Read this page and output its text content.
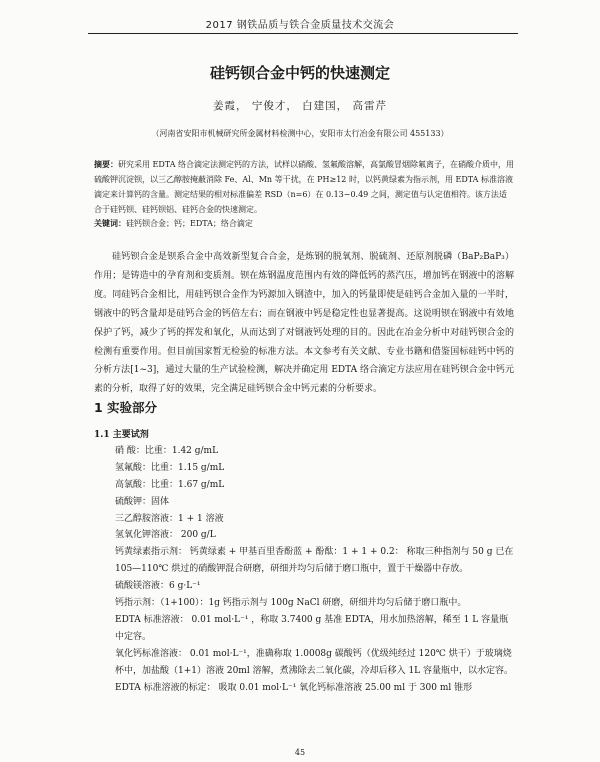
2017 钢铁品质与铁合金质量技术交流会
硅钙钡合金中钙的快速测定
姜霞， 宁俊才， 白建国， 高雷芹
（河南省安阳市机械研究所金属材料检测中心，安阳市太行冶金有限公司 455133）
摘要：研究采用 EDTA 络合滴定法测定钙的方法，试样以硝酸、氢氟酸溶解，高氯酸冒烟除氟离子，在硝酸介质中，用硫酸钾沉淀钡，以三乙醇胺掩蔽消除 Fe、Al、Mn 等干扰，在 PH≥12 时，以钙黄绿素为指示剂，用 EDTA 标准溶液滴定来计算钙的含量。测定结果的相对标准偏差 RSD（n=6）在 0.13~0.49 之间，测定值与认定值相符。该方法适合于硅钙钡、硅钙钡铝、硅钙合金的快速测定。
关键词：硅钙钡合金；钙；EDTA；络合滴定
硅钙钡合金是钡系合金中高效新型复合合金，是炼钢的脱氧剂、脱硫剂、还原剂脱磷（BaP₂BaP₃）作用；是铸造中的孕育剂和变质剂。钡在炼钢温度范围内有效的降低钙的蒸汽压，增加钙在钢液中的溶解度。同硅钙合金相比，用硅钙钡合金作为钙源加入钢渣中，加入的钙量即使是硅钙合金加入量的一半时，钢液中的钙含量却是硅钙合金的钙倍左右；而在钢液中钙是稳定性也显著提高。这说明钡在钢液中有效地保护了钙，减少了钙的挥发和氧化，从而达到了对钢液钙处理的目的。因此在冶金分析中对硅钙钡合金的检测有重要作用。但目前国家暂无检验的标准方法。本文参考有关文献、专业书籍和借鉴国标硅钙中钙的分析方法[1~3]，通过大量的生产试验检测，解决并确定用 EDTA 络合滴定方法应用在硅钙钡合金中钙元素的分析，取得了好的效果，完全满足硅钙钡合金中钙元素的分析要求。
1 实验部分
1.1 主要试剂
硝 酸：比重：1.42 g/mL
氢氟酸：比重：1.15 g/mL
高氯酸：比重：1.67 g/mL
硫酸钾：固体
三乙醇胺溶液：1 + 1 溶液
氢氧化钾溶液： 200 g/L
钙黄绿素指示剂： 钙黄绿素 + 甲基百里香酚蓝 + 酚酞：1 + 1 + 0.2： 称取三种指剂与 50 g 已在 105—110℃ 烘过的硝酸钾混合研磨，研细并均匀后储于磨口瓶中，置于干燥器中存放。
硫酸镁溶液：6 g·L⁻¹
钙指示剂：（1+100）：1g 钙指示剂与 100g NaCl 研磨，研细并均匀后储于磨口瓶中。
EDTA 标准溶液： 0.01 mol·L⁻¹ ，称取 3.7400 g 基准 EDTA，用水加热溶解，稀至 1 L 容量瓶中定容。
氧化钙标准溶液： 0.01 mol·L⁻¹，准确称取 1.0008g 碳酸钙（优级纯经过 120℃ 烘干）于玻璃烧杯中，加盐酸（1+1）溶液 20ml 溶解，煮沸除去二氧化碳，冷却后移入 1L 容量瓶中，以水定容。
EDTA 标准溶液的标定： 吸取 0.01 mol·L⁻¹ 氧化钙标准溶液 25.00 ml 于 300 ml 锥形
45
